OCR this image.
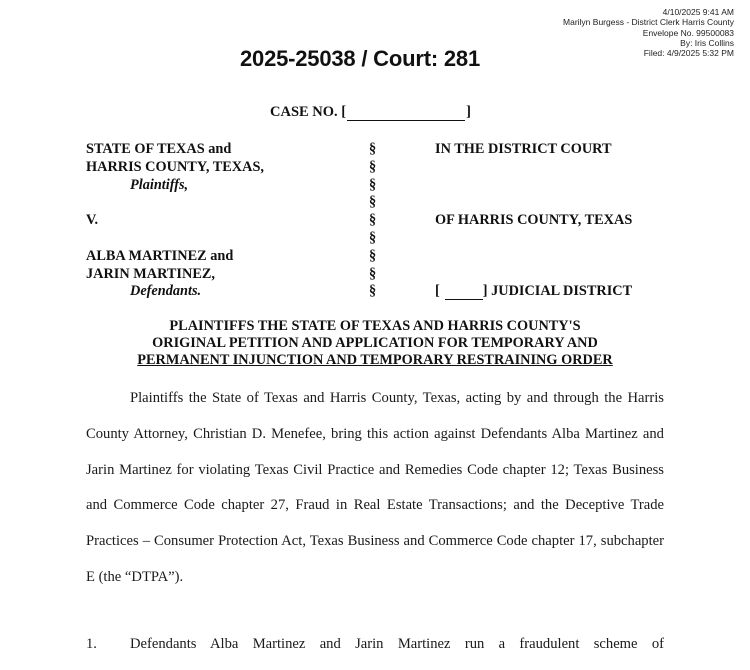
4/10/2025 9:41 AM
Marilyn Burgess - District Clerk Harris County
Envelope No. 99500083
By: Iris Collins
Filed: 4/9/2025 5:32 PM
2025-25038 / Court: 281
CASE NO. [	]
STATE OF TEXAS and	§	IN THE DISTRICT COURT
HARRIS COUNTY, TEXAS,	§
Plaintiffs,	§
§
V.	§	OF HARRIS COUNTY, TEXAS
§
ALBA MARTINEZ and	§
JARIN MARTINEZ,	§
Defendants.	§	[	] JUDICIAL DISTRICT
PLAINTIFFS THE STATE OF TEXAS AND HARRIS COUNTY'S
ORIGINAL PETITION AND APPLICATION FOR TEMPORARY AND
PERMANENT INJUNCTION AND TEMPORARY RESTRAINING ORDER

Plaintiffs the State of Texas and Harris County, Texas, acting by and through the Harris County Attorney, Christian D. Menefee, bring this action against Defendants Alba Martinez and Jarin Martinez for violating Texas Civil Practice and Remedies Code chapter 12; Texas Business and Commerce Code chapter 27, Fraud in Real Estate Transactions; and the Deceptive Trade Practices – Consumer Protection Act, Texas Business and Commerce Code chapter 17, subchapter E (the “DTPA”).

1. Defendants Alba Martinez and Jarin Martinez run a fraudulent scheme of
